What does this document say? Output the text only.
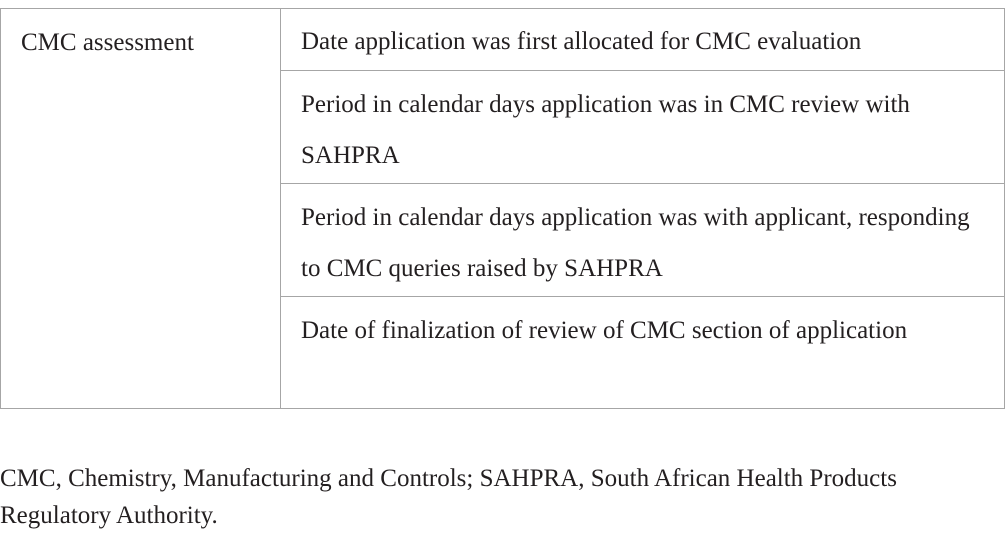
CMC assessment	Date application was first allocated for CMC evaluation
Period in calendar days application was in CMC review with SAHPRA
Period in calendar days application was with applicant, responding to CMC queries raised by SAHPRA
Date of finalization of review of CMC section of application

CMC, Chemistry, Manufacturing and Controls; SAHPRA, South African Health Products Regulatory Authority.
